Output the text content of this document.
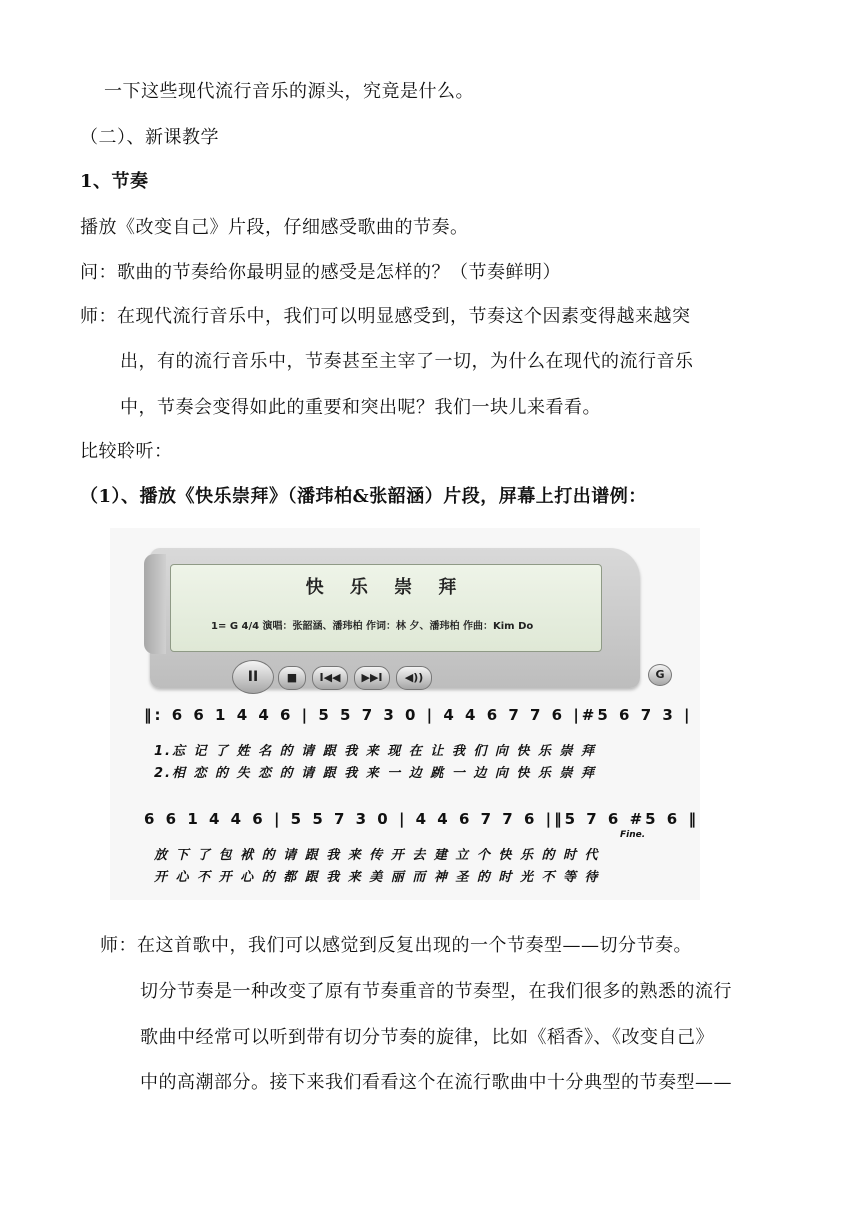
一下这些现代流行音乐的源头，究竟是什么。
（二）、新课教学
1、节奏
播放《改变自己》片段，仔细感受歌曲的节奏。
问：歌曲的节奏给你最明显的感受是怎样的？（节奏鲜明）
师：在现代流行音乐中，我们可以明显感受到，节奏这个因素变得越来越突
出，有的流行音乐中，节奏甚至主宰了一切，为什么在现代的流行音乐
中，节奏会变得如此的重要和突出呢？我们一块儿来看看。
比较聆听：
（1）、播放《快乐崇拜》（潘玮柏&张韶涵）片段，屏幕上打出谱例：
快 乐 崇 拜
1= G 4/4 演唱：张韶涵、潘玮柏 作词：林 夕、潘玮柏 作曲：Kim Do
II	■	I◀◀	▶▶I	◀))	G
‖: 6 6 1 4 4 6 | 5 5 7 3 0 | 4 4 6 7 7 6 |#5 6 7 3 |
1.忘 记 了 姓 名 的 请 跟 我 来 现 在 让 我 们 向 快 乐 崇 拜
2.相 恋 的 失 恋 的 请 跟 我 来 一 边 跳 一 边 向 快 乐 崇 拜
6 6 1 4 4 6 | 5 5 7 3 0 | 4 4 6 7 7 6 |‖5 7 6 #5 6 ‖
Fine.
放 下 了 包 袱 的 请 跟 我 来 传 开 去 建 立 个 快 乐 的 时 代
开 心 不 开 心 的 都 跟 我 来 美 丽 而 神 圣 的 时 光 不 等 待
师：在这首歌中，我们可以感觉到反复出现的一个节奏型——切分节奏。
切分节奏是一种改变了原有节奏重音的节奏型，在我们很多的熟悉的流行
歌曲中经常可以听到带有切分节奏的旋律，比如《稻香》、《改变自己》
中的高潮部分。接下来我们看看这个在流行歌曲中十分典型的节奏型——
